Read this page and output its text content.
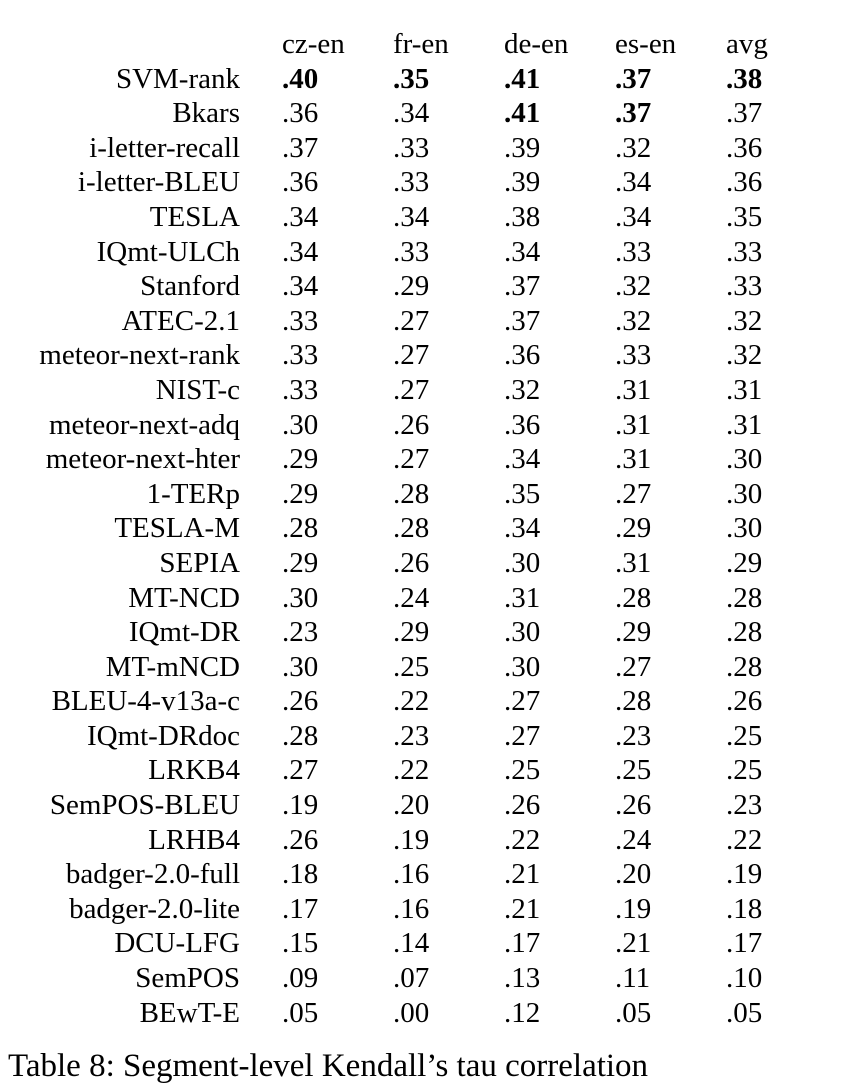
	cz-en	fr-en	de-en	es-en	avg
SVM-rank	.40	.35	.41	.37	.38
Bkars	.36	.34	.41	.37	.37
i-letter-recall	.37	.33	.39	.32	.36
i-letter-BLEU	.36	.33	.39	.34	.36
TESLA	.34	.34	.38	.34	.35
IQmt-ULCh	.34	.33	.34	.33	.33
Stanford	.34	.29	.37	.32	.33
ATEC-2.1	.33	.27	.37	.32	.32
meteor-next-rank	.33	.27	.36	.33	.32
NIST-c	.33	.27	.32	.31	.31
meteor-next-adq	.30	.26	.36	.31	.31
meteor-next-hter	.29	.27	.34	.31	.30
1-TERp	.29	.28	.35	.27	.30
TESLA-M	.28	.28	.34	.29	.30
SEPIA	.29	.26	.30	.31	.29
MT-NCD	.30	.24	.31	.28	.28
IQmt-DR	.23	.29	.30	.29	.28
MT-mNCD	.30	.25	.30	.27	.28
BLEU-4-v13a-c	.26	.22	.27	.28	.26
IQmt-DRdoc	.28	.23	.27	.23	.25
LRKB4	.27	.22	.25	.25	.25
SemPOS-BLEU	.19	.20	.26	.26	.23
LRHB4	.26	.19	.22	.24	.22
badger-2.0-full	.18	.16	.21	.20	.19
badger-2.0-lite	.17	.16	.21	.19	.18
DCU-LFG	.15	.14	.17	.21	.17
SemPOS	.09	.07	.13	.11	.10
BEwT-E	.05	.00	.12	.05	.05
Table 8: Segment-level Kendall’s tau correlation
